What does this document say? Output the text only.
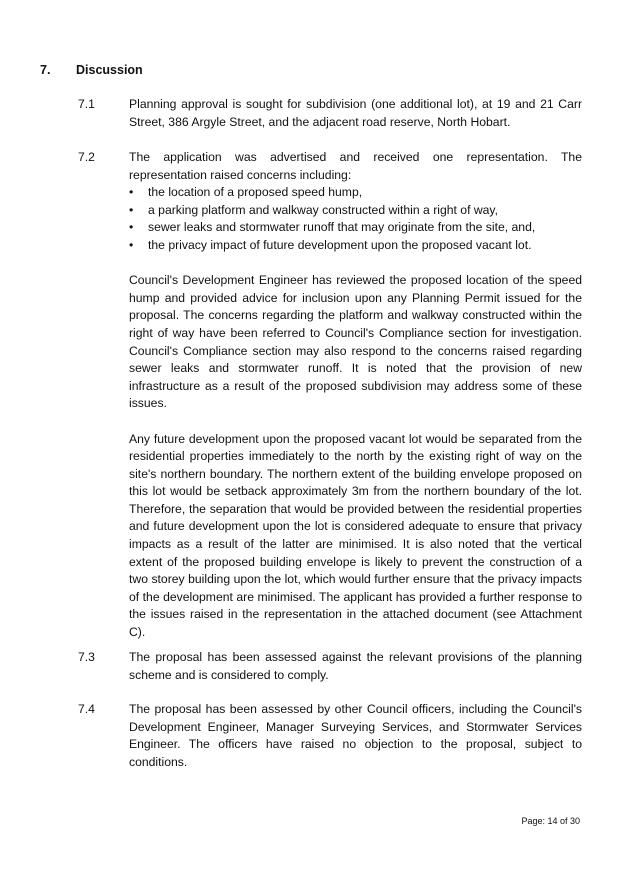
7. Discussion
7.1	Planning approval is sought for subdivision (one additional lot), at 19 and 21 Carr Street, 386 Argyle Street, and the adjacent road reserve, North Hobart.

7.2	The application was advertised and received one representation. The representation raised concerns including:

• the location of a proposed speed hump,
• a parking platform and walkway constructed within a right of way,
• sewer leaks and stormwater runoff that may originate from the site, and,
• the privacy impact of future development upon the proposed vacant lot.

Council's Development Engineer has reviewed the proposed location of the speed hump and provided advice for inclusion upon any Planning Permit issued for the proposal. The concerns regarding the platform and walkway constructed within the right of way have been referred to Council's Compliance section for investigation. Council's Compliance section may also respond to the concerns raised regarding sewer leaks and stormwater runoff. It is noted that the provision of new infrastructure as a result of the proposed subdivision may address some of these issues.

Any future development upon the proposed vacant lot would be separated from the residential properties immediately to the north by the existing right of way on the site's northern boundary. The northern extent of the building envelope proposed on this lot would be setback approximately 3m from the northern boundary of the lot. Therefore, the separation that would be provided between the residential properties and future development upon the lot is considered adequate to ensure that privacy impacts as a result of the latter are minimised. It is also noted that the vertical extent of the proposed building envelope is likely to prevent the construction of a two storey building upon the lot, which would further ensure that the privacy impacts of the development are minimised. The applicant has provided a further response to the issues raised in the representation in the attached document (see Attachment C).

7.3	The proposal has been assessed against the relevant provisions of the planning scheme and is considered to comply.

7.4	The proposal has been assessed by other Council officers, including the Council's Development Engineer, Manager Surveying Services, and Stormwater Services Engineer. The officers have raised no objection to the proposal, subject to conditions.

Page: 14 of 30
